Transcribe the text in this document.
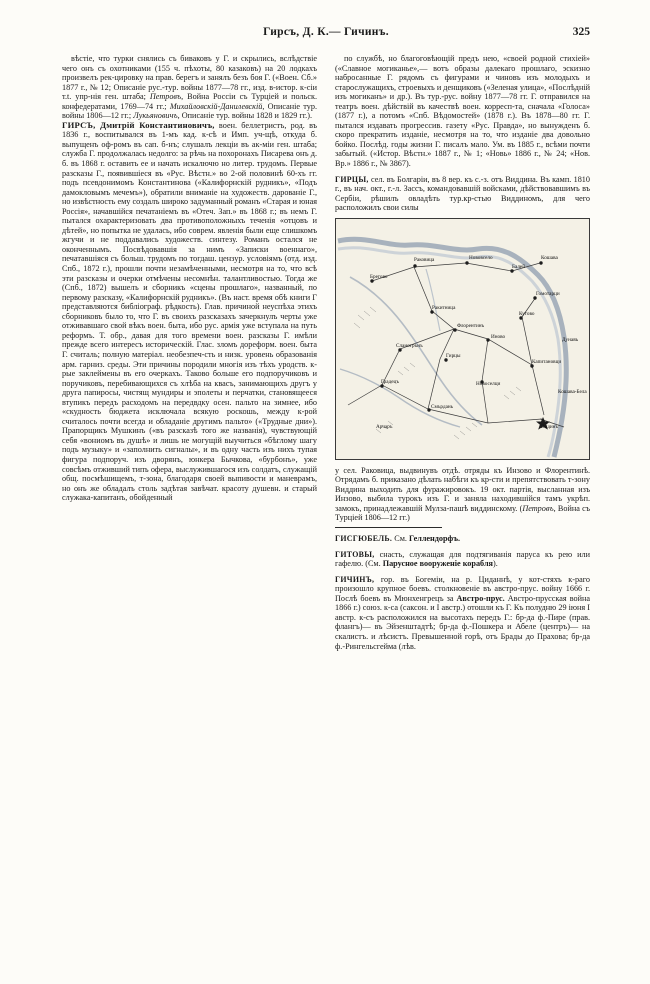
Гирсъ, Д. К.— Гичинъ.	325

вѣстіе, что турки снялись съ биваковъ у Г. и скрылись, вслѣдствіе чего онъ съ охотниками (155 ч. пѣхоты, 80 казаковъ) на 20 лодкахъ произвелъ рек-цировку на прав. берегъ и занялъ безъ боя Г. («Воен. Сб.» 1877 г., № 12; Описаніе рус.-тур. войны 1877—78 гг., изд. в-истор. к-сіи т.t. упр-нія ген. штаба; Петровъ, Война Россіи съ Турціей и польск. конфедератами, 1769—74 гг.; Михайловскій-Данилевскій, Описаніе тур. войны 1806—12 гг.; Лукьяновичъ, Описаніе тур. войны 1828 и 1829 гг.).

ГИРСЪ, Дмитрій Константиновичъ, воен. беллетристъ, род. въ 1836 г., воспитывался въ 1-мъ кад. к-сѣ и Имп. уч-щѣ, откуда б. выпущенъ оф-ромъ въ сап. б-нъ; слушалъ лекціи въ ак-міи ген. штаба; служба Г. продолжалась недолго: за рѣчь на похоронахъ Писарева онъ д. б. въ 1868 г. оставить ее и начать искалючю но литер. трудомъ. Первые разсказы Г., появившіеся въ «Рус. Вѣстн.» во 2-ой половинѣ 60-хъ гг. подъ псевдонимомъ Константинова («Калифорнскій рудникъ», «Подъ дамокловымъ мечемъ»), обратили вниманіе на художеств. дарованіе Г., но извѣстность ему создалъ широко задуманный романъ «Старая и юная Россія», начавшійся печатаніемъ въ «Отеч. Зап.» въ 1868 г.; въ немъ Г. пытался охарактеризовать два противоположныхъ теченія «отцовъ и дѣтей», но попытка не удалась, ибо соврем. явленія были еще слишкомъ жгучи и не поддавались художеств. синтезу. Романъ остался не оконченнымъ. Посвѣдовавшія за нимъ «Записки военнаго», печатавшіяся съ больш. трудомъ по тогдаш. цензур. условіямъ (отд. изд. Спб., 1872 г.), прошли почти незамѣченными, несмотря на то, что всѣ эти разсказы и очерки отмѣчены несомнѣн. талантливостью. Тогда же (Спб., 1872) вышелъ и сборникъ «сцены прошлаго», названный, по первому разсказу, «Калифорнскій рудникъ». (Въ наст. время обѣ книги Г представляются библіограф. рѣдкость). Глав. причиной неуспѣха этихъ сборниковъ было то, что Г. въ своихъ разсказахъ зачеркнулъ черты уже отживавшаго свой вѣкъ воен. быта, ибо рус. армія уже вступала на путь реформъ. Т. обр., давая для того времени воен. разсказы Г. имѣли прежде всего интересъ историческій. Глас. зломъ дореформ. воен. быта Г. считаль; полную матеріал. необезпеч-сть и низк. уровень образованія арм. гарниз. среды. Эти причины породили многія изъ тѣхъ уродств. к-рые заклеймены въ его очеркахъ. Таково больше его подпоручиковъ и поручиковъ, перебивающихся съ хлѣба на квасъ, занимающихъ другъ у друга папиросы, чистящ мундиры и эполеты и перчатки, становящееся втупикъ передъ расходомъ на передвдку осен. пальто на зимнее, ибо «скудность бюджета исключала всякую роскошь, между к-рой считалось почти всегда и обладаніе другимъ пальто» («Трудные дни»). Прапорщикъ Мушкинъ («въ разсказѣ того же названія), чувствующій себя «вониомъ въ душѣ» и лишь не могущій выучиться «бѣглому шагу подъ музыку» и «заполнить сигналы», и въ одну часть изъ нихъ тупая фигура подпоруч. изъ дворянъ, юнкера Бычкова, «бурбонъ», уже совсѣмъ отживший типъ офера, выслужившагося изъ солдатъ, служащій общ. посмѣшищемъ, т-зона, благодаря своей выпивости и маневрамъ, но онъ же обладалъ столь задѣтая завѣчат. красоту душевн. и старый служака-капитанъ, обойденный

по службѣ, но благоговѣющій предъ нею, «своей родной стихіей» («Славное могиканье»,— вотъ образы далекаго прошлаго, эскизно набросанные Г. рядомъ съ фигурами и чиновъ изъ молодыхъ и старослужащихъ, строевыхъ и денщиковъ («Зеленая улица», «Послѣдній изъ могиканъ» и др.). Въ тур.-рус. войну 1877—78 гг. Г. отправился на театръ воен. дѣйствій въ качествѣ воен. корресп-та, сначала «Голоса» (1877 г.), а потомъ «Спб. Вѣдомостей» (1878 г.). Въ 1878—80 гг. Г. пытался издавать прогрессив. газету «Рус. Правда», но вынужденъ б. скоро прекратить изданіе, несмотря на то, что изданіе два довольно бойко. Послѣд. годы жизни Г. писалъ мало. Ум. въ 1885 г., всѣми почти забытый. («Истор. Вѣстн.» 1887 г., № 1; «Новь» 1886 г., № 24; «Нов. Вр.» 1886 г., № 3867).

ГИРЦЫ, сел. въ Болгаріи, въ 8 вер. къ с.-з. отъ Виддина. Въ камп. 1810 г., въ нач. окт., г.-л. Зассъ, командовавшій войсками, дѣйствовавшимъ въ Сербіи, рѣшилъ овладѣть тур.кр-стью Виддиномъ, для чего расположилъ свои силы

Раковица
Брегово
Нововсело
Балей
Кошава
Ракитница
Гомотарци
Кутово
Флорентинъ
Иново
Сланотрънъ
Гирцы
Капитановци
Градецъ	Новоселци
Дунавъ
Смърдань
Видинъ
Арчаръ
Кошава-Бела

у сел. Раковица, выдвинувъ отдѣ. отряды къ Инзово и Флорентинѣ. Отрядамъ б. приказано дѣлать набѣги къ кр-сти и препятствовать т-зону Виддина выходить для фуражировокъ. 19 окт. партія, высланная изъ Инзово, выбила турокъ изъ Г. и заняла находившійся тамъ укрѣп. замокъ, принадлежавшій Мулза-пашѣ виддинскому. (Петровъ, Война съ Турціей 1806—12 гг.)

ГИСГЮБЕЛЬ. См. Геллендорфъ.

ГИТОВЫ, снасть, служащая для подтягиванія паруса къ рею или гафелю. (См. Парусное вооруженіе корабля).

ГИЧИНЪ, гор. въ Богеміи, на р. Циданнѣ, у кот-стяхъ к-раго произошло крупное боевъ. столкновеніе въ австро-прус. войну 1666 г. Послѣ боевъ въ Мюнхенгрецъ за Австро-прус. Австро-прусская война 1866 г.) союз. к-са (саксон. и I австр.) отошли къ Г. Къ полудню 29 іюня I австр. к-съ расположился на высотахъ передъ Г.: бр-да ф.-Пире (прав. флангъ)— въ Эйзенштадтѣ; бр-да ф.-Пошкера и Абеле (центръ)— на скалистъ. и лѣсистъ. Превышенной горѣ, отъ Брады до Прахова; бр-да ф.-Рингельсгейма (лѣв.
